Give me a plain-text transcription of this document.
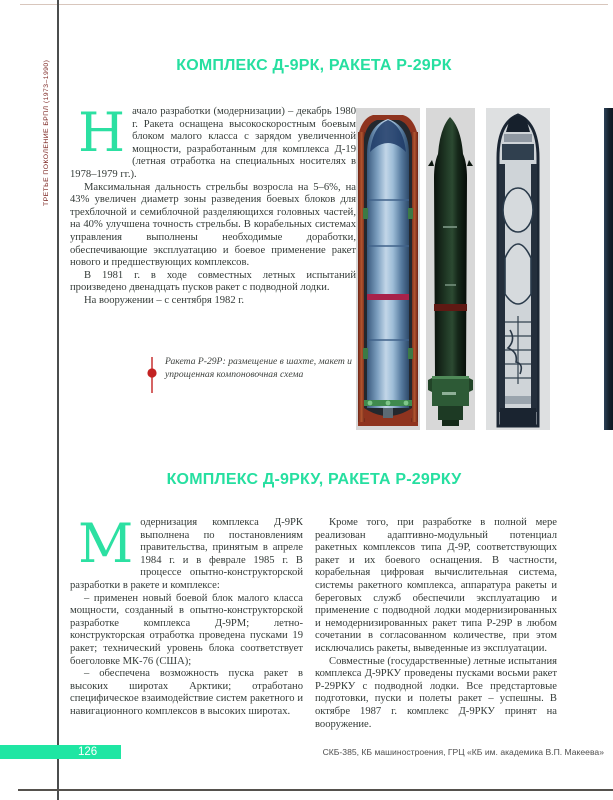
ТРЕТЬЕ ПОКОЛЕНИЕ БРПЛ (1973–1990)	КОМПЛЕКС Д-9РК, РАКЕТА Р-29РК

Начало разработки (модернизации) – декабрь 1980 г. Ракета оснащена высокоскоростным боевым блоком малого класса с зарядом увеличенной мощности, разработанным для комплекса Д-19 (летная отработка на специальных носителях в 1978–1979 гг.).

Максимальная дальность стрельбы возросла на 5–6%, на 43% увеличен диаметр зоны разведения боевых блоков для трехблочной и семиблочной разделяющихся головных частей, на 40% улучшена точность стрельбы. В корабельных системах управления выполнены необходимые доработки, обеспечивающие эксплуатацию и боевое применение ракет нового и предшествующих комплексов.

В 1981 г. в ходе совместных летных испытаний произведено двенадцать пусков ракет с подводной лодки.

На вооружении – с сентября 1982 г.

Ракета Р-29Р: размещение в шахте, макет и упрощенная компоновочная схема
КОМПЛЕКС Д-9РКУ, РАКЕТА Р-29РКУ

Модернизация комплекса Д-9РК выполнена по постановлениям правительства, принятым в апреле 1984 г. и в феврале 1985 г. В процессе опытно-конструкторской разработки в ракете и комплексе:

– применен новый боевой блок малого класса мощности, созданный в опытно-конструкторской разработке комплекса Д-9РМ; летно-конструкторская отработка проведена пусками 19 ракет; технический уровень блока соответствует боеголовке МК-76 (США);

– обеспечена возможность пуска ракет в высоких широтах Арктики; отработано специфическое взаимодействие систем ракетного и навигационного комплексов в высоких широтах.

Кроме того, при разработке в полной мере реализован адаптивно-модульный потенциал ракетных комплексов типа Д-9Р, соответствующих ракет и их боевого оснащения. В частности, корабельная цифровая вычислительная система, системы ракетного комплекса, аппаратура ракеты и береговых служб обеспечили эксплуатацию и применение с подводной лодки модернизированных и немодернизированных ракет типа Р-29Р в любом сочетании в согласованном количестве, при этом исключались ракеты, выведенные из эксплуатации.

Совместные (государственные) летные испытания комплекса Д-9РКУ проведены пусками восьми ракет Р-29РКУ с подводной лодки. Все предстартовые подготовки, пуски и полеты ракет – успешны. В октябре 1987 г. комплекс Д-9РКУ принят на вооружение.

126	СКБ-385, КБ машиностроения, ГРЦ «КБ им. академика В.П. Макеева»
